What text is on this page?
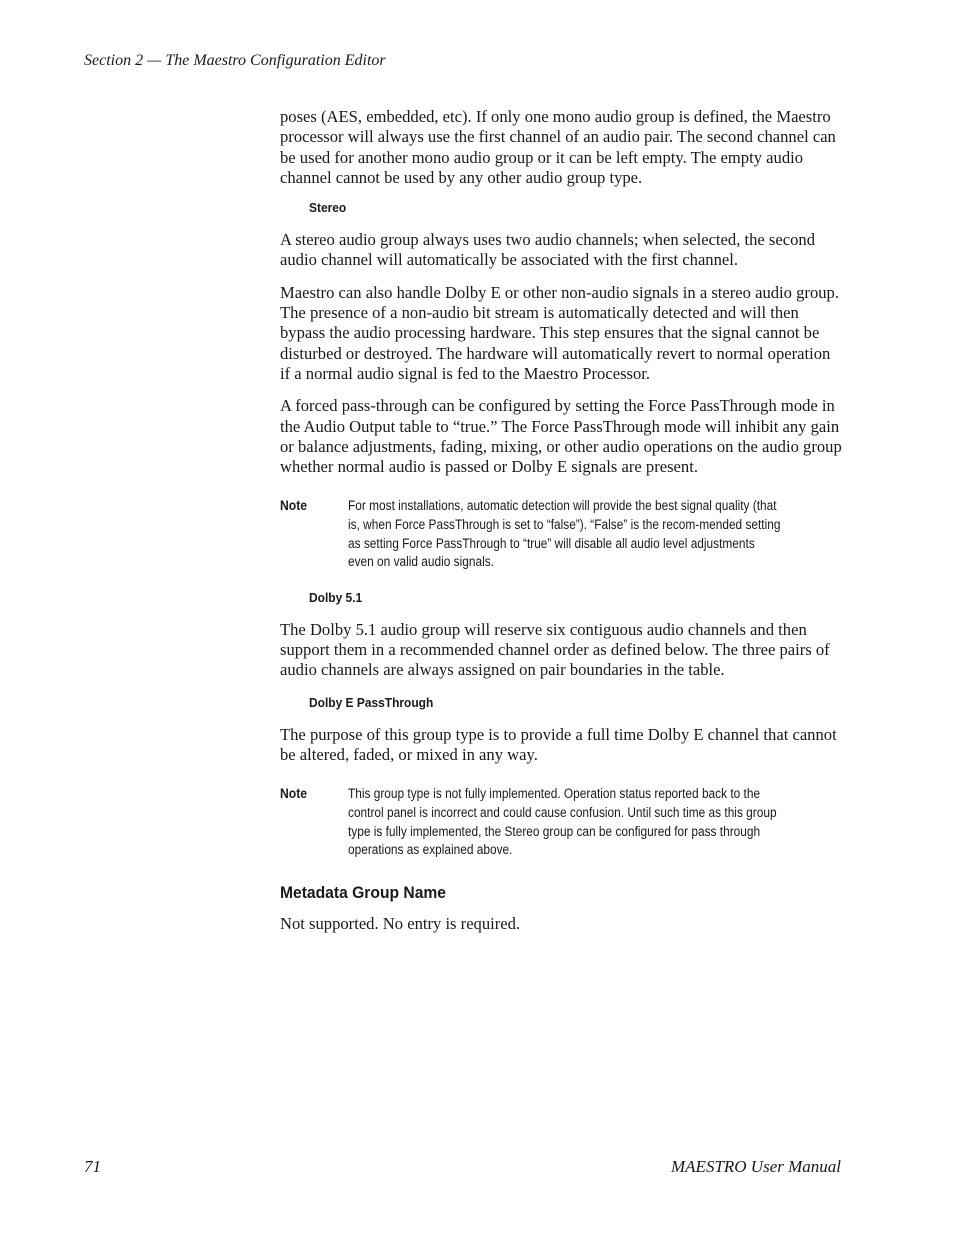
Section 2 — The Maestro Configuration Editor

poses (AES, embedded, etc). If only one mono audio group is defined, the Maestro processor will always use the first channel of an audio pair. The second channel can be used for another mono audio group or it can be left empty. The empty audio channel cannot be used by any other audio group type.

Stereo

A stereo audio group always uses two audio channels; when selected, the second audio channel will automatically be associated with the first channel.

Maestro can also handle Dolby E or other non-audio signals in a stereo audio group. The presence of a non-audio bit stream is automatically detected and will then bypass the audio processing hardware. This step ensures that the signal cannot be disturbed or destroyed. The hardware will automatically revert to normal operation if a normal audio signal is fed to the Maestro Processor.

A forced pass-through can be configured by setting the Force PassThrough mode in the Audio Output table to “true.” The Force PassThrough mode will inhibit any gain or balance adjustments, fading, mixing, or other audio operations on the audio group whether normal audio is passed or Dolby E signals are present.

Note	For most installations, automatic detection will provide the best signal quality (that is, when Force PassThrough is set to “false”). “False” is the recom-mended setting as setting Force PassThrough to “true” will disable all audio level adjustments even on valid audio signals.
Dolby 5.1

The Dolby 5.1 audio group will reserve six contiguous audio channels and then support them in a recommended channel order as defined below. The three pairs of audio channels are always assigned on pair boundaries in the table.

Dolby E PassThrough

The purpose of this group type is to provide a full time Dolby E channel that cannot be altered, faded, or mixed in any way.

Note	This group type is not fully implemented. Operation status reported back to the control panel is incorrect and could cause confusion. Until such time as this group type is fully implemented, the Stereo group can be configured for pass through operations as explained above.
Metadata Group Name

Not supported. No entry is required.

71	MAESTRO User Manual
